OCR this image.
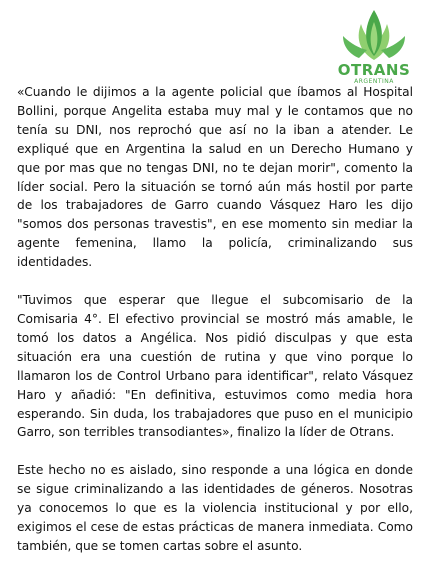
OTRANS
ARGENTINA

«Cuando le dijimos a la agente policial que íbamos al Hospital Bollini, porque Angelita estaba muy mal y le contamos que no tenía su DNI, nos reprochó que así no la iban a atender. Le expliqué que en Argentina la salud en un Derecho Humano y que por mas que no tengas DNI, no te dejan morir", comento la líder social. Pero la situación se tornó aún más hostil por parte de los trabajadores de Garro cuando Vásquez Haro les dijo "somos dos personas travestis", en ese momento sin mediar la agente femenina, llamo la policía, criminalizando sus identidades.

"Tuvimos que esperar que llegue el subcomisario de la Comisaria 4°. El efectivo provincial se mostró más amable, le tomó los datos a Angélica. Nos pidió disculpas y que esta situación era una cuestión de rutina y que vino porque lo llamaron los de Control Urbano para identificar", relato Vásquez Haro y añadió: "En definitiva, estuvimos como media hora esperando. Sin duda, los trabajadores que puso en el municipio Garro, son terribles transodiantes», finalizo la líder de Otrans.

Este hecho no es aislado, sino responde a una lógica en donde se sigue criminalizando a las identidades de géneros. Nosotras ya conocemos lo que es la violencia institucional y por ello, exigimos el cese de estas prácticas de manera inmediata. Como también, que se tomen cartas sobre el asunto.
